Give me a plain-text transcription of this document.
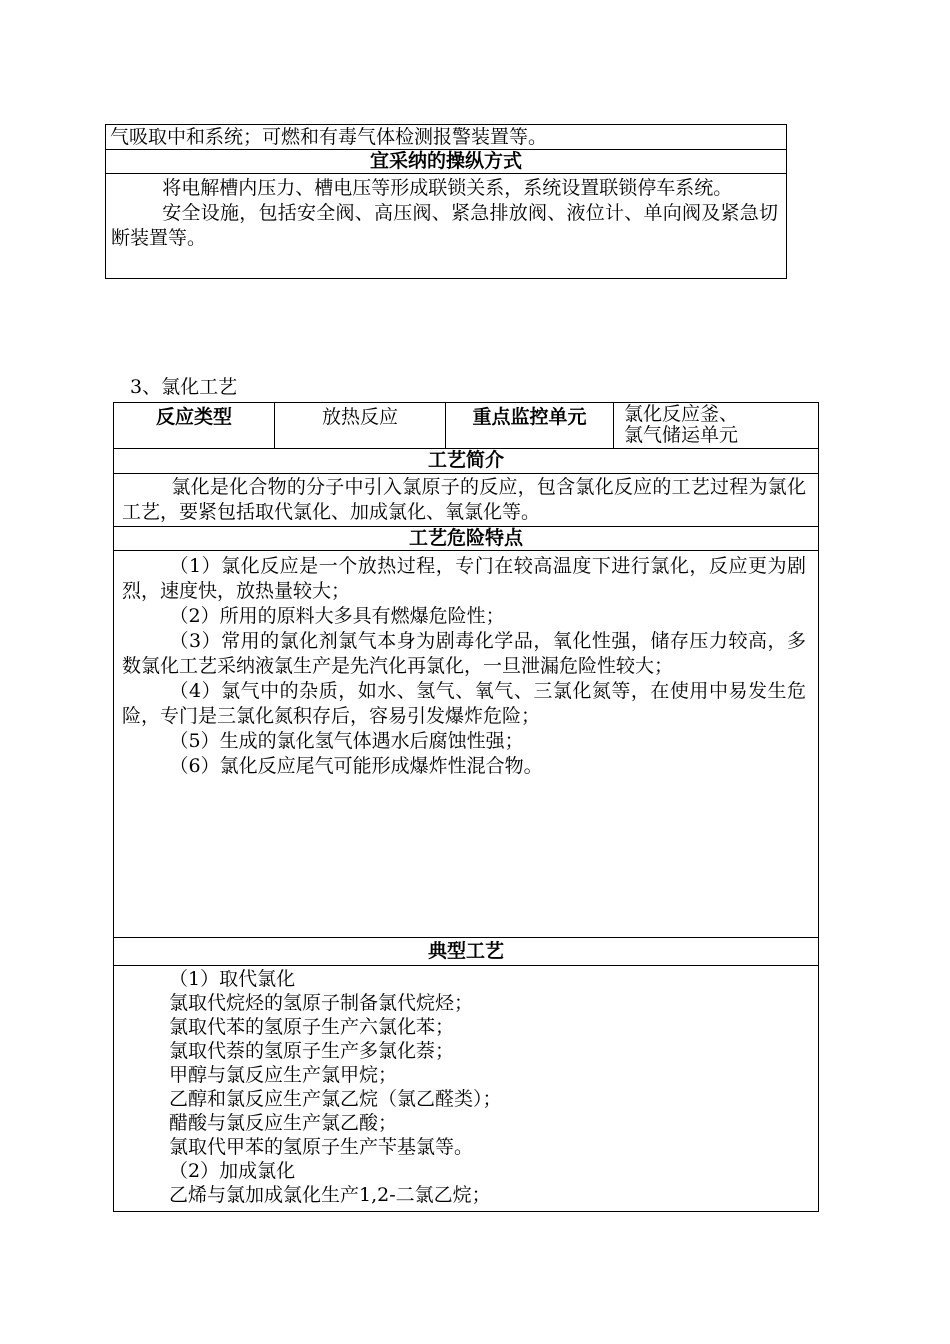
气吸取中和系统；可燃和有毒气体检测报警装置等。
宜采纳的操纵方式

将电解槽内压力、槽电压等形成联锁关系，系统设置联锁停车系统。

安全设施，包括安全阀、高压阀、紧急排放阀、液位计、单向阀及紧急切断装置等。

3、氯化工艺
反应类型	放热反应	重点监控单元	氯化反应釜、
氯气储运单元

工艺简介

氯化是化合物的分子中引入氯原子的反应，包含氯化反应的工艺过程为氯化工艺，要紧包括取代氯化、加成氯化、氧氯化等。

工艺危险特点

（1）氯化反应是一个放热过程，专门在较高温度下进行氯化，反应更为剧烈，速度快，放热量较大；

（2）所用的原料大多具有燃爆危险性；

（3）常用的氯化剂氯气本身为剧毒化学品，氧化性强，储存压力较高，多数氯化工艺采纳液氯生产是先汽化再氯化，一旦泄漏危险性较大；

（4）氯气中的杂质，如水、氢气、氧气、三氯化氮等，在使用中易发生危险，专门是三氯化氮积存后，容易引发爆炸危险；

（5）生成的氯化氢气体遇水后腐蚀性强；

（6）氯化反应尾气可能形成爆炸性混合物。

典型工艺

（1）取代氯化
氯取代烷烃的氢原子制备氯代烷烃；
氯取代苯的氢原子生产六氯化苯；
氯取代萘的氢原子生产多氯化萘；
甲醇与氯反应生产氯甲烷；
乙醇和氯反应生产氯乙烷（氯乙醛类）；
醋酸与氯反应生产氯乙酸；
氯取代甲苯的氢原子生产苄基氯等。
（2）加成氯化
乙烯与氯加成氯化生产1,2-二氯乙烷；
